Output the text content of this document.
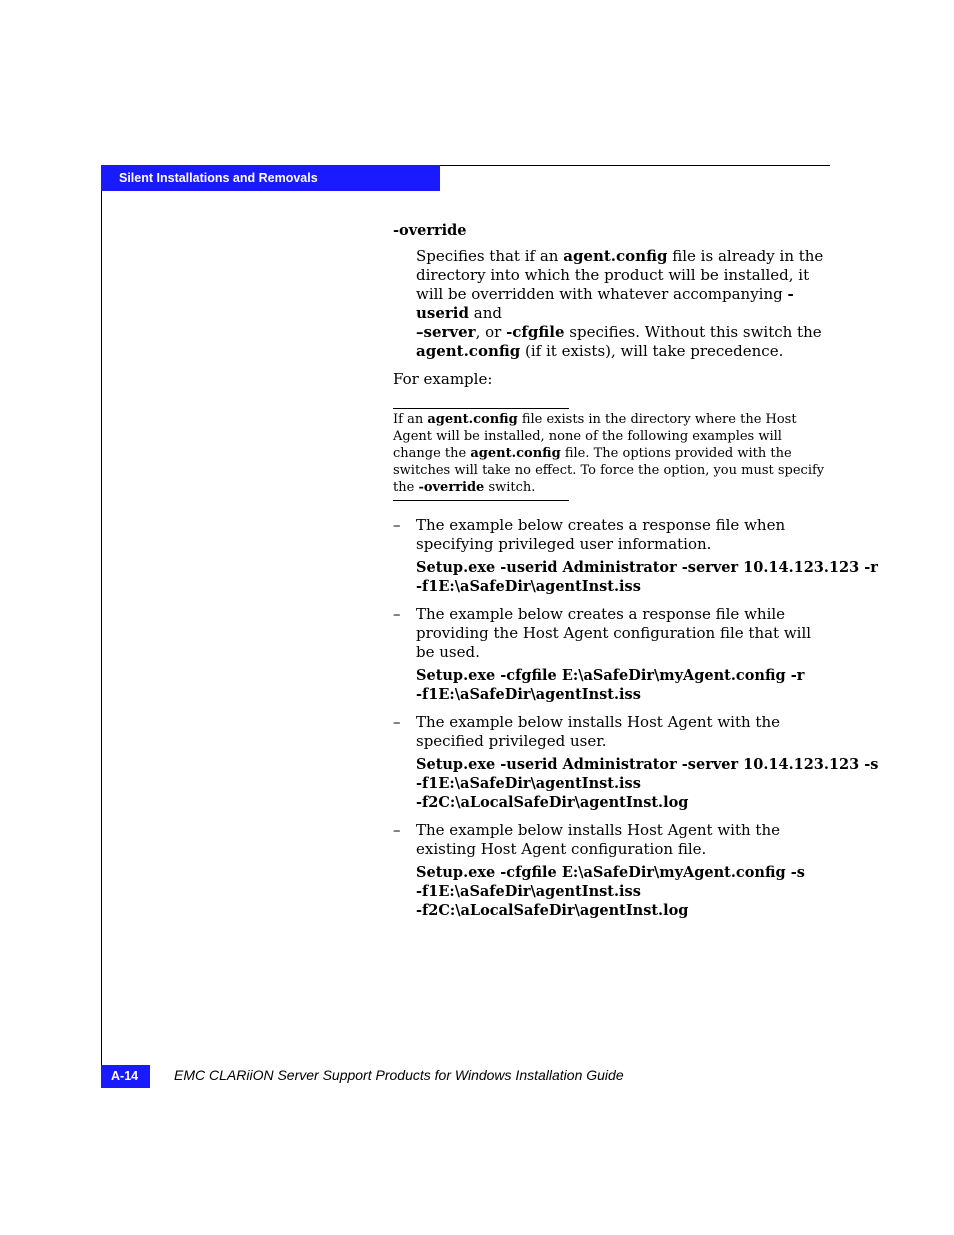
Silent Installations and Removals
-override
Specifies that if an agent.config file is already in the directory into which the product will be installed, it will be overridden with whatever accompanying -userid and
–server, or -cfgfile specifies. Without this switch the
agent.config (if it exists), will take precedence.
For example:
If an agent.config file exists in the directory where the Host Agent will be installed, none of the following examples will change the agent.config file. The options provided with the switches will take no effect. To force the option, you must specify the -override switch.
–	The example below creates a response file when specifying privileged user information.
Setup.exe -userid Administrator -server 10.14.123.123 -r
-f1E:\aSafeDir\agentInst.iss
–	The example below creates a response file while providing the Host Agent configuration file that will be used.
Setup.exe -cfgfile E:\aSafeDir\myAgent.config -r
-f1E:\aSafeDir\agentInst.iss
–	The example below installs Host Agent with the specified privileged user.
Setup.exe -userid Administrator -server 10.14.123.123 -s
-f1E:\aSafeDir\agentInst.iss
-f2C:\aLocalSafeDir\agentInst.log
–	The example below installs Host Agent with the existing Host Agent configuration file.
Setup.exe -cfgfile E:\aSafeDir\myAgent.config -s
-f1E:\aSafeDir\agentInst.iss
-f2C:\aLocalSafeDir\agentInst.log
A-14	EMC CLARiiON Server Support Products for Windows Installation Guide
